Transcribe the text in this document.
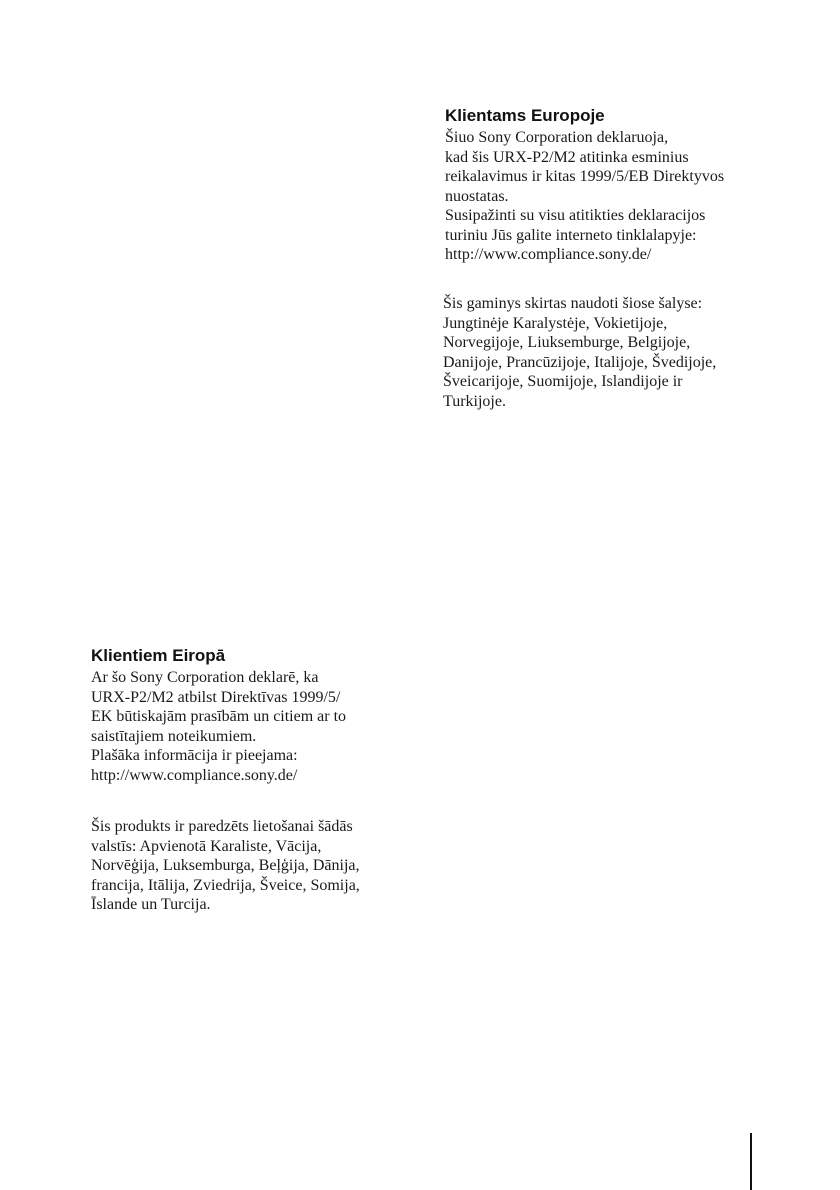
Klientams Europoje
Šiuo Sony Corporation deklaruoja,
kad šis URX-P2/M2 atitinka esminius
reikalavimus ir kitas 1999/5/EB Direktyvos
nuostatas.
Susipažinti su visu atitikties deklaracijos
turiniu Jūs galite interneto tinklalapyje:
http://www.compliance.sony.de/
Šis gaminys skirtas naudoti šiose šalyse:
Jungtinėje Karalystėje, Vokietijoje,
Norvegijoje, Liuksemburge, Belgijoje,
Danijoje, Prancūzijoje, Italijoje, Švedijoje,
Šveicarijoje, Suomijoje, Islandijoje ir
Turkijoje.
Klientiem Eiropā
Ar šo Sony Corporation deklarē, ka
URX-P2/M2 atbilst Direktīvas 1999/5/
EK būtiskajām prasībām un citiem ar to
saistītajiem noteikumiem.
Plašāka informācija ir pieejama:
http://www.compliance.sony.de/
Šis produkts ir paredzēts lietošanai šādās
valstīs: Apvienotā Karaliste, Vācija,
Norvēģija, Luksemburga, Beļģija, Dānija,
francija, Itālija, Zviedrija, Šveice, Somija,
Īslande un Turcija.
